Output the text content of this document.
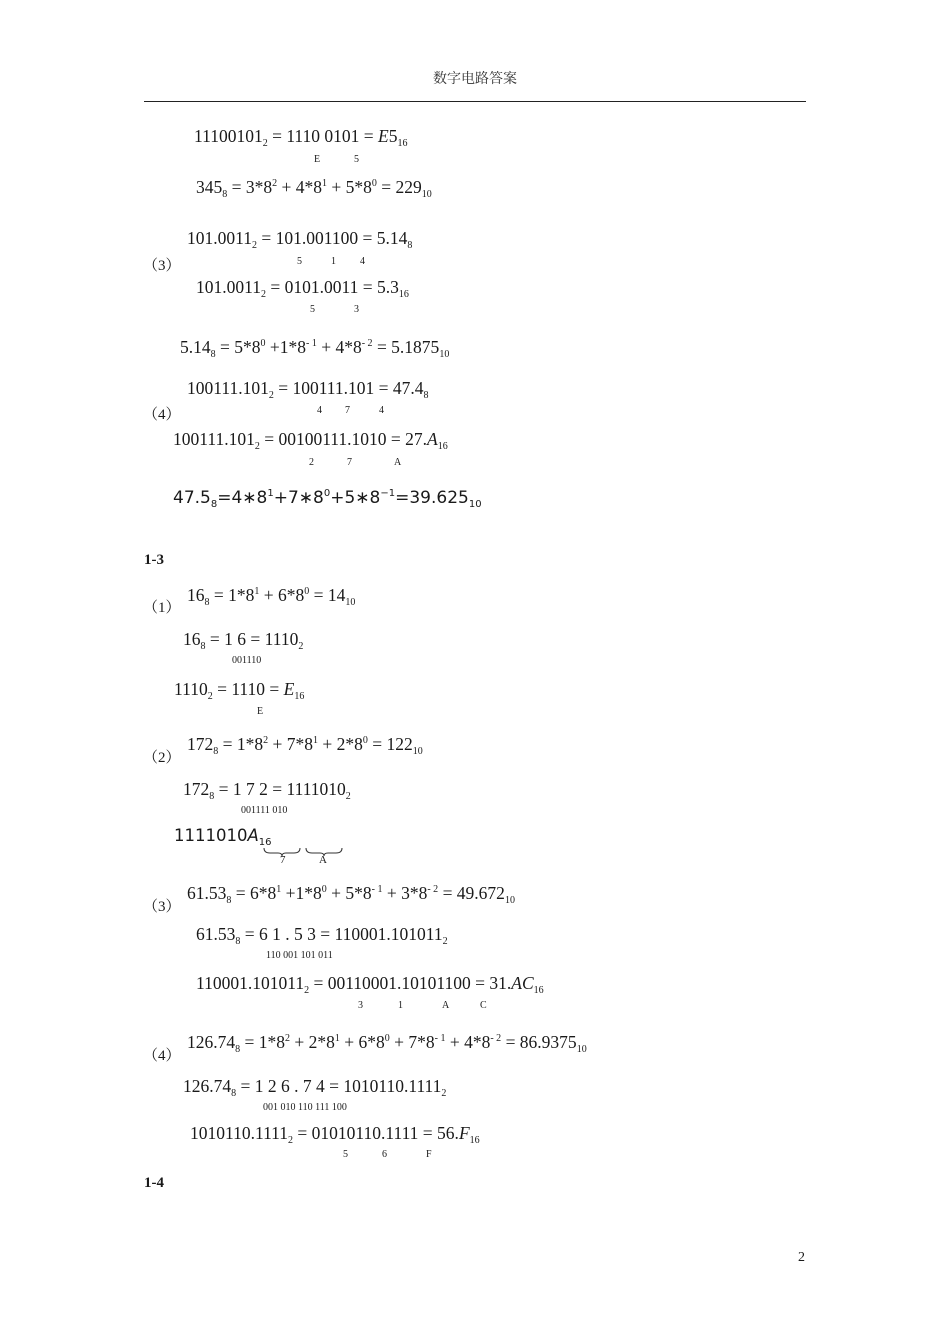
数字电路答案
$11100101_2 = 1110$ $0101 = E5_{16}$
E	5
$345_8 = 3*8^2 + 4*8^1 + 5*8^0 = 229_{10}$
$101.0011_2 = 101.001100 = 5.14_8$
5	1 4
（3）
$101.0011_2 = 0101.0011 = 5.3_{16}$
5	3
$5.14_8 = 5*8^0 +1*8^{- 1} + 4*8^{- 2} = 5.1875_{10}$
$100111.101_2 = 100111.101 = 47.4_8$
4 7	4
（4）
$100111.101_2 = 00100111.1010 = 27.A_{16}$
2	7	A
$47.5_8=4∗8^1+7∗8^0+5∗8^{-1}=39.625_{10}$
1-3
（1）
$16_8 = 1*8^1 + 6*8^0 = 14_{10}$
$16_8 = 1$ $6 = 1110_2$
001110
$1110_2 = 1110 = E_{16}$
E
（2）
$172_8 = 1*8^2 + 7*8^1 + 2*8^0 = 122_{10}$
$172_8 = 1$ 7 $2 = 1111010_2$
001111 010
$1111010A_{16}$
7	A
（3）
$61.53_8 = 6*8^1 +1*8^0 + 5*8^{- 1} + 3*8^{- 2} = 49.672_{10}$
$61.53_8 = 6$ 1 . 5 $3 = 110001.101011_2$
110 001 101 011
$110001.101011_2 = 00110001.10101100 = 31.AC_{16}$
3	1	A	C
（4）
$126.74_8 = 1*8^2 + 2*8^1 + 6*8^0 + 7*8^{- 1} + 4*8^{- 2} = 86.9375_{10}$
$126.74_8 = 1$ 2 6 . 7 $4 = 1010110.1111_2$
001 010 110 111 100
$1010110.1111_2 = 01010110.1111 = 56.F_{16}$
5	6	F
1-4
2
